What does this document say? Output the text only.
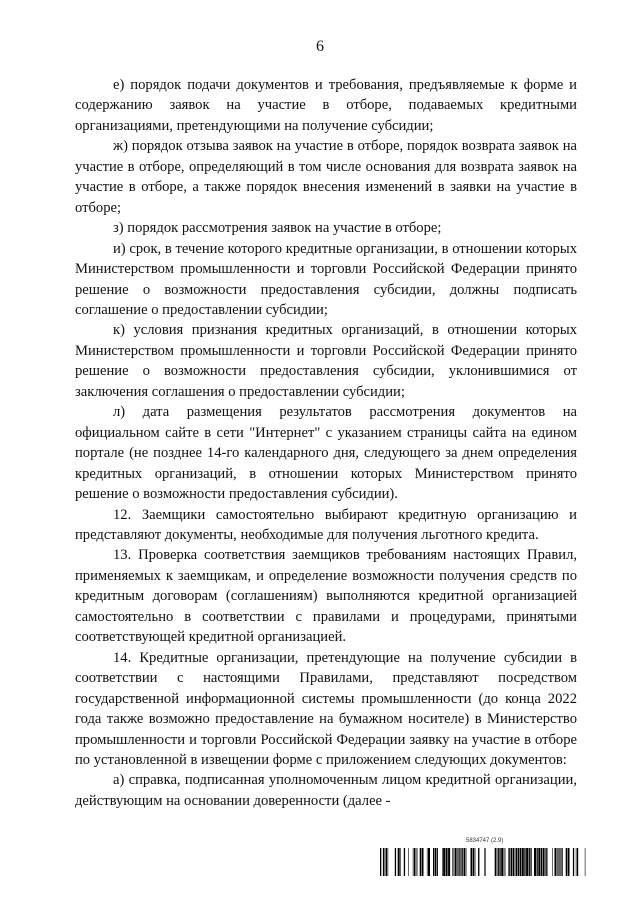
6

е) порядок подачи документов и требования, предъявляемые к форме и содержанию заявок на участие в отборе, подаваемых кредитными организациями, претендующими на получение субсидии;

ж) порядок отзыва заявок на участие в отборе, порядок возврата заявок на участие в отборе, определяющий в том числе основания для возврата заявок на участие в отборе, а также порядок внесения изменений в заявки на участие в отборе;

з) порядок рассмотрения заявок на участие в отборе;

и) срок, в течение которого кредитные организации, в отношении которых Министерством промышленности и торговли Российской Федерации принято решение о возможности предоставления субсидии, должны подписать соглашение о предоставлении субсидии;

к) условия признания кредитных организаций, в отношении которых Министерством промышленности и торговли Российской Федерации принято решение о возможности предоставления субсидии, уклонившимися от заключения соглашения о предоставлении субсидии;

л) дата размещения результатов рассмотрения документов на официальном сайте в сети "Интернет" с указанием страницы сайта на едином портале (не позднее 14-го календарного дня, следующего за днем определения кредитных организаций, в отношении которых Министерством принято решение о возможности предоставления субсидии).

12. Заемщики самостоятельно выбирают кредитную организацию и представляют документы, необходимые для получения льготного кредита.

13. Проверка соответствия заемщиков требованиям настоящих Правил, применяемых к заемщикам, и определение возможности получения средств по кредитным договорам (соглашениям) выполняются кредитной организацией самостоятельно в соответствии с правилами и процедурами, принятыми соответствующей кредитной организацией.

14. Кредитные организации, претендующие на получение субсидии в соответствии с настоящими Правилами, представляют посредством государственной информационной системы промышленности (до конца 2022 года также возможно предоставление на бумажном носителе) в Министерство промышленности и торговли Российской Федерации заявку на участие в отборе по установленной в извещении форме с приложением следующих документов:

а) справка, подписанная уполномоченным лицом кредитной организации, действующим на основании доверенности (далее -

5834747 (2.9)
